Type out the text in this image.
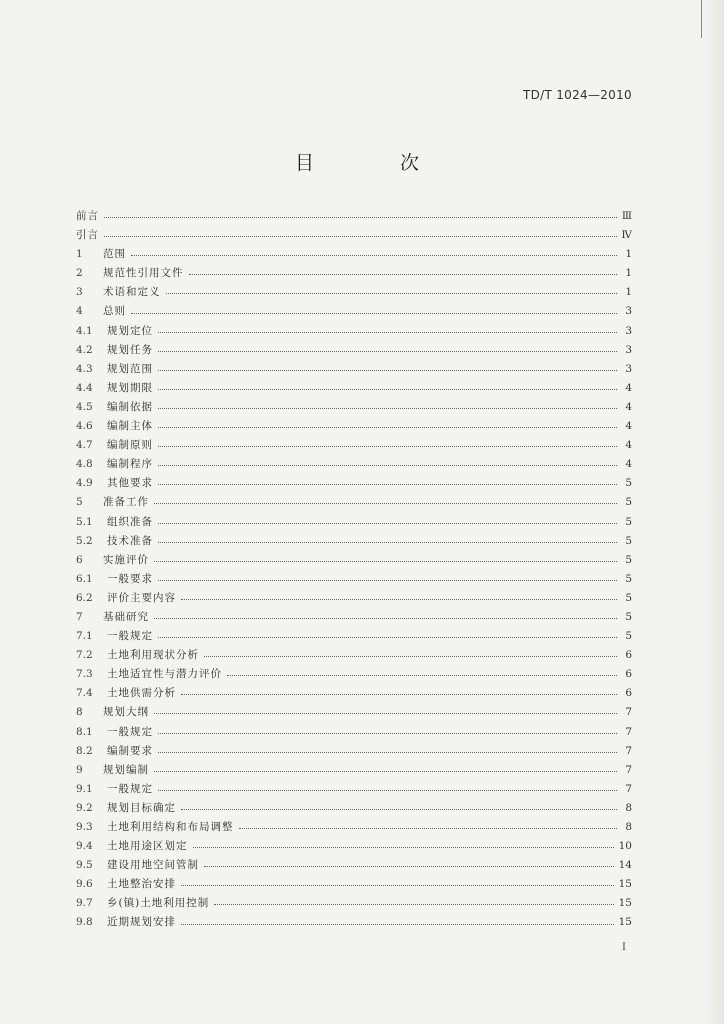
TD/T 1024—2010
目 次
前言	Ⅲ
引言	Ⅳ
1	范围	1
2	规范性引用文件	1
3	术语和定义	1
4	总则	3
4.1	规划定位	3
4.2	规划任务	3
4.3	规划范围	3
4.4	规划期限	4
4.5	编制依据	4
4.6	编制主体	4
4.7	编制原则	4
4.8	编制程序	4
4.9	其他要求	5
5	准备工作	5
5.1	组织准备	5
5.2	技术准备	5
6	实施评价	5
6.1	一般要求	5
6.2	评价主要内容	5
7	基础研究	5
7.1	一般规定	5
7.2	土地利用现状分析	6
7.3	土地适宜性与潜力评价	6
7.4	土地供需分析	6
8	规划大纲	7
8.1	一般规定	7
8.2	编制要求	7
9	规划编制	7
9.1	一般规定	7
9.2	规划目标确定	8
9.3	土地利用结构和布局调整	8
9.4	土地用途区划定	10
9.5	建设用地空间管制	14
9.6	土地整治安排	15
9.7	乡(镇)土地利用控制	15
9.8	近期规划安排	15
I
